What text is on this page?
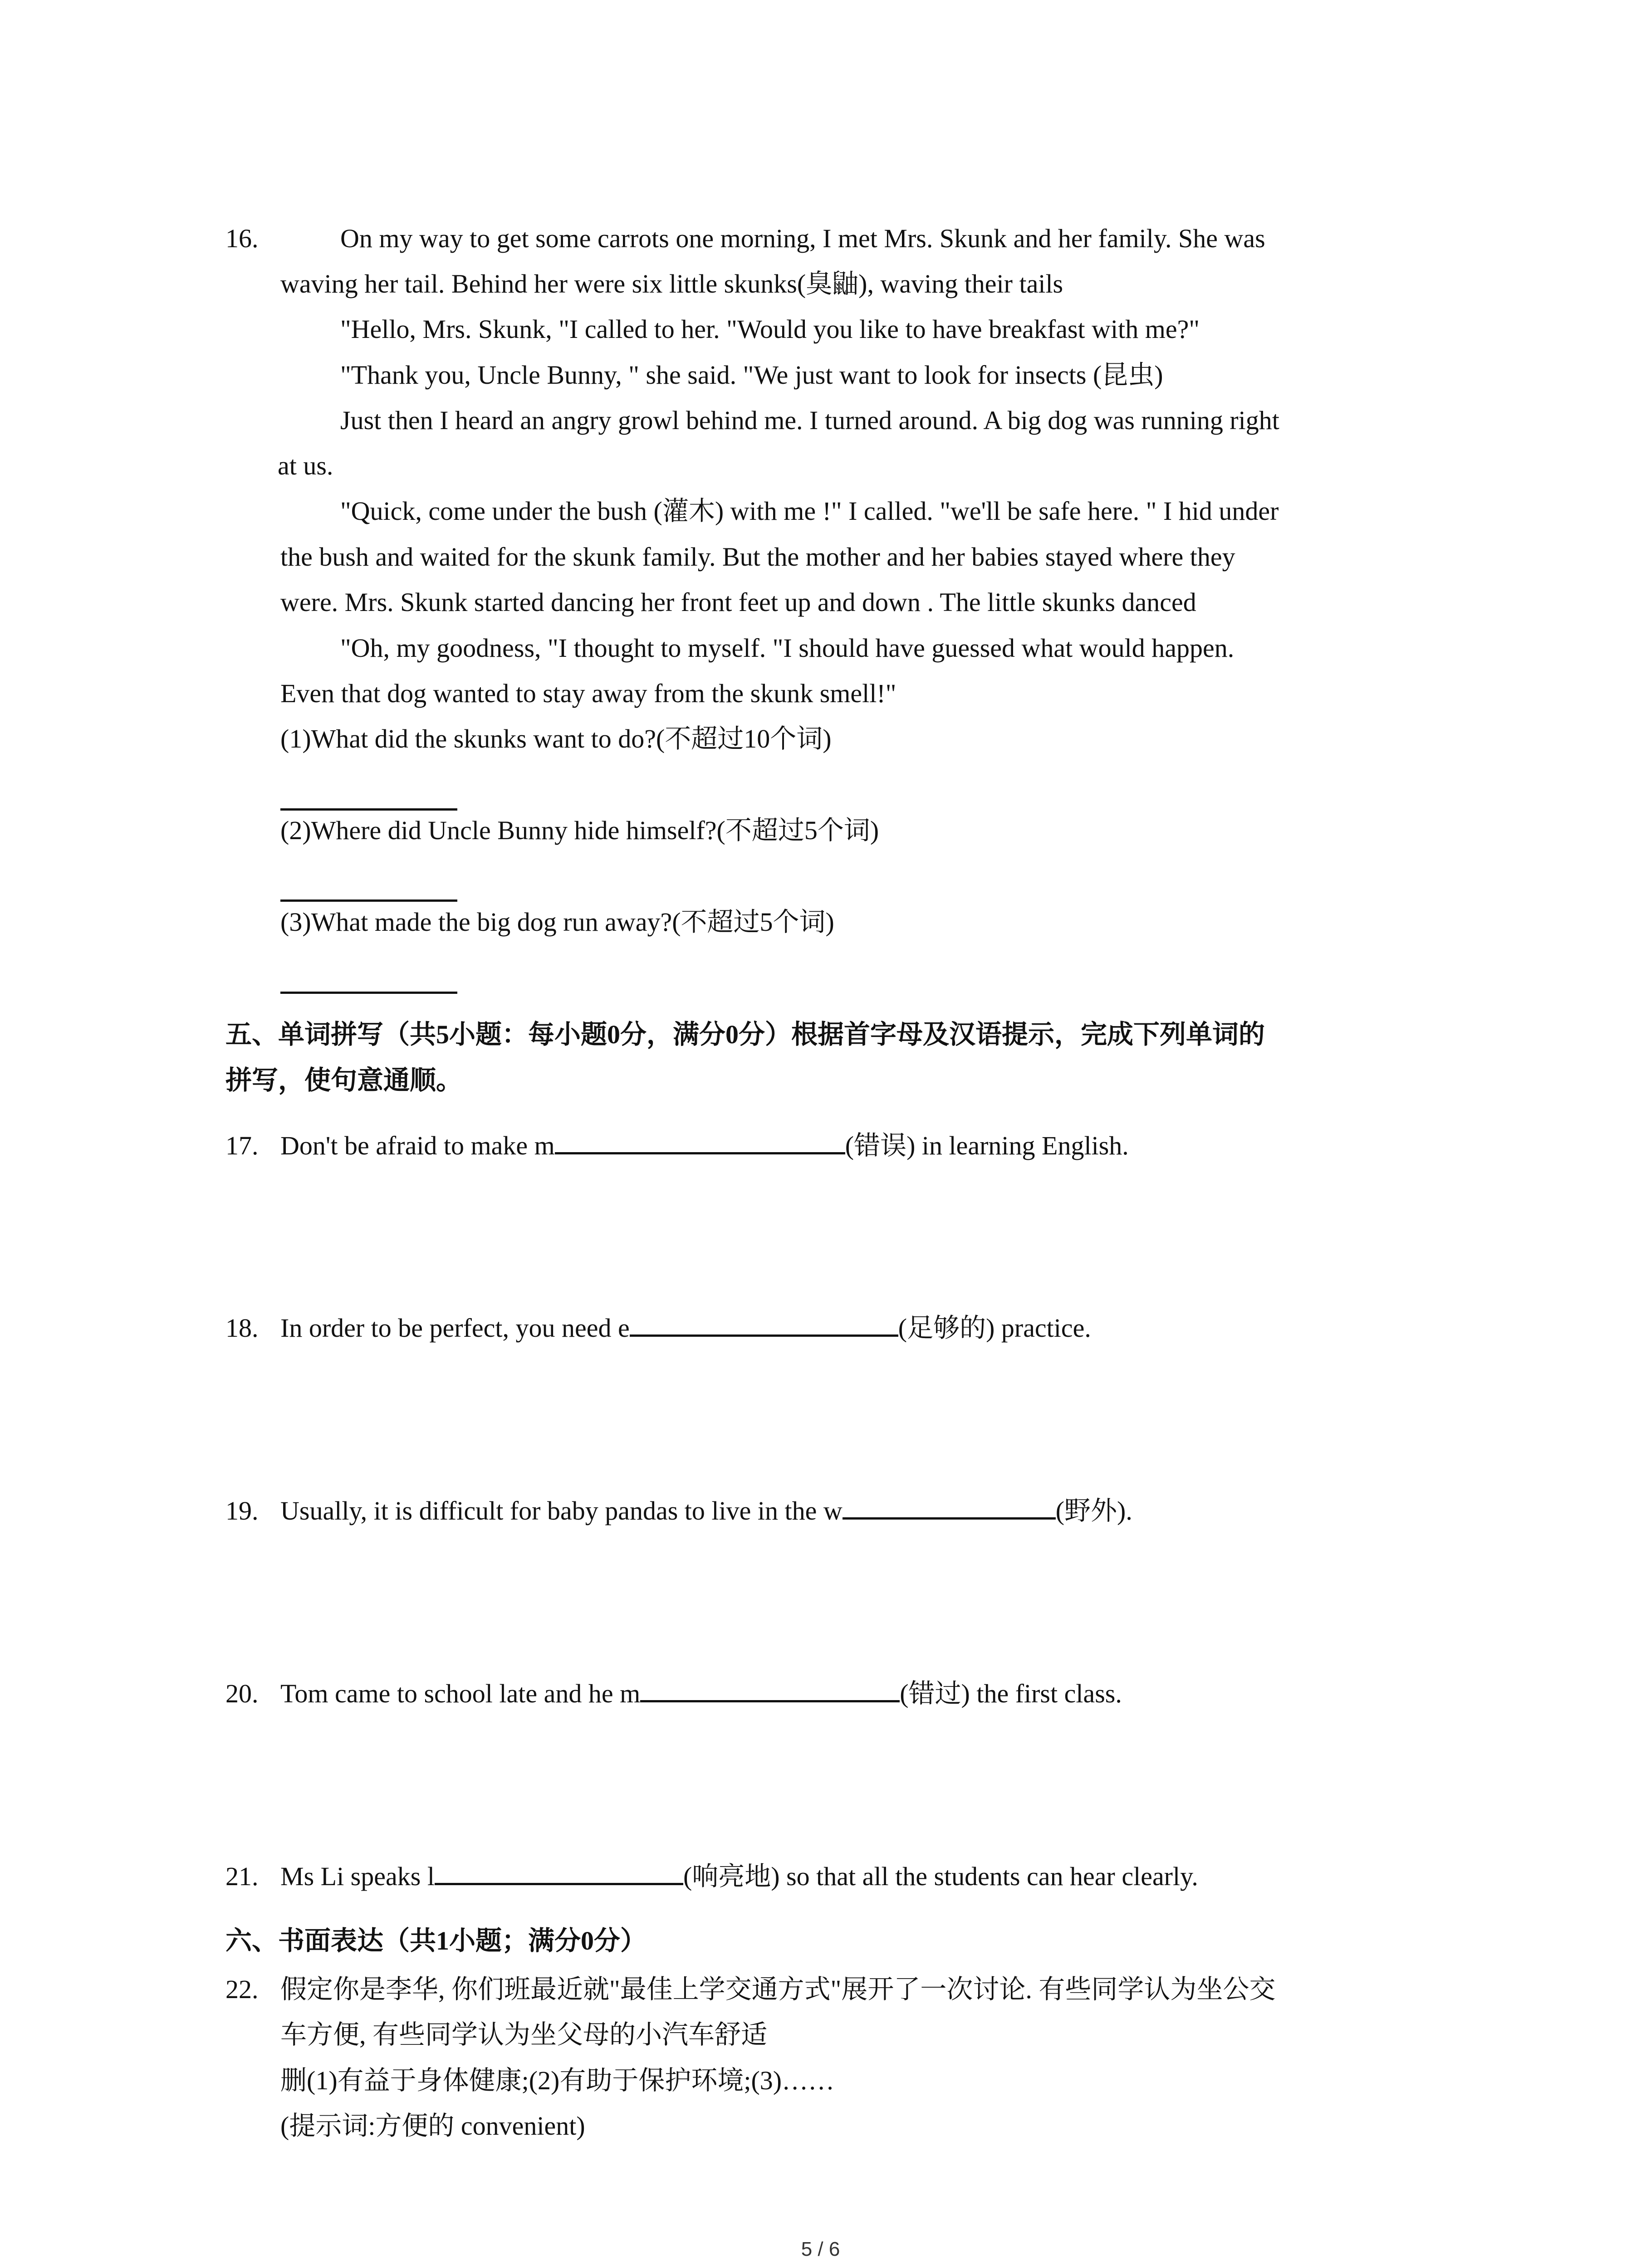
16.	On my way to get some carrots one morning, I met Mrs. Skunk and her family. She was
waving her tail. Behind her were six little skunks(臭鼬), waving their tails
"Hello, Mrs. Skunk, "I called to her. "Would you like to have breakfast with me?"
"Thank you, Uncle Bunny, " she said. "We just want to look for insects (昆虫)
Just then I heard an angry growl behind me. I turned around. A big dog was running right
at us.
"Quick, come under the bush (灌木) with me !" I called. "we'll be safe here. " I hid under
the bush and waited for the skunk family. But the mother and her babies stayed where they
were. Mrs. Skunk started dancing her front feet up and down . The little skunks danced
"Oh, my goodness, "I thought to myself. "I should have guessed what would happen.
Even that dog wanted to stay away from the skunk smell!"
(1)What did the skunks want to do?(不超过10个词)
(2)Where did Uncle Bunny hide himself?(不超过5个词)
(3)What made the big dog run away?(不超过5个词)
五、单词拼写（共5小题：每小题0分，满分0分）根据首字母及汉语提示，完成下列单词的
拼写，使句意通顺。
17. Don't be afraid to make m	(错误) in learning English.
18. In order to be perfect, you need e	(足够的) practice.
19. Usually, it is difficult for baby pandas to live in the w	(野外).
20. Tom came to school late and he m	(错过) the first class.
21. Ms Li speaks l	(响亮地) so that all the students can hear clearly.
六、书面表达（共1小题；满分0分）
22. 假定你是李华, 你们班最近就"最佳上学交通方式"展开了一次讨论. 有些同学认为坐公交
车方便, 有些同学认为坐父母的小汽车舒适
删(1)有益于身体健康;(2)有助于保护环境;(3)……
(提示词:方便的 convenient)
5 / 6
